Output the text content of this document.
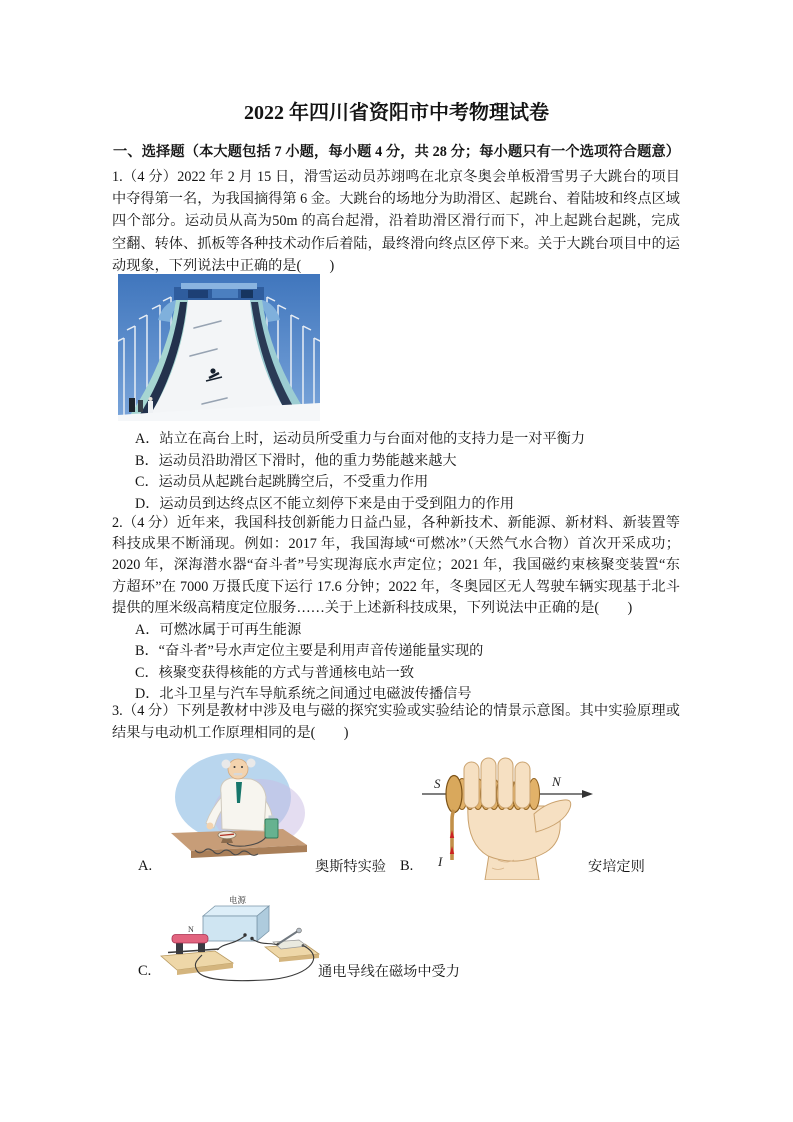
2022 年四川省资阳市中考物理试卷
一、选择题（本大题包括 7 小题，每小题 4 分，共 28 分；每小题只有一个选项符合题意）
1.（4 分）2022 年 2 月 15 日，滑雪运动员苏翊鸣在北京冬奥会单板滑雪男子大跳台的项目
中夺得第一名，为我国摘得第 6 金。大跳台的场地分为助滑区、起跳台、着陆坡和终点区域
四个部分。运动员从高为50m 的高台起滑，沿着助滑区滑行而下，冲上起跳台起跳，完成
空翻、转体、抓板等各种技术动作后着陆，最终滑向终点区停下来。关于大跳台项目中的运
动现象，下列说法中正确的是(　　)
A．站立在高台上时，运动员所受重力与台面对他的支持力是一对平衡力
B．运动员沿助滑区下滑时，他的重力势能越来越大
C．运动员从起跳台起跳腾空后，不受重力作用
D．运动员到达终点区不能立刻停下来是由于受到阻力的作用
2.（4 分）近年来，我国科技创新能力日益凸显，各种新技术、新能源、新材料、新装置等
科技成果不断涌现。例如：2017 年，我国海域“可燃冰”（天然气水合物）首次开采成功；
2020 年，深海潜水器“奋斗者”号实现海底水声定位；2021 年，我国磁约束核聚变装置“东
方超环”在 7000 万摄氏度下运行 17.6 分钟；2022 年，冬奥园区无人驾驶车辆实现基于北斗
提供的厘米级高精度定位服务……关于上述新科技成果，下列说法中正确的是(　　)
A．可燃冰属于可再生能源
B．“奋斗者”号水声定位主要是利用声音传递能量实现的
C．核聚变获得核能的方式与普通核电站一致
D．北斗卫星与汽车导航系统之间通过电磁波传播信号
3.（4 分）下列是教材中涉及电与磁的探究实验或实验结论的情景示意图。其中实验原理或
结果与电动机工作原理相同的是(　　)
A.	奥斯特实验 B.	安培定则
S	N
I
电源
N
C.	通电导线在磁场中受力
